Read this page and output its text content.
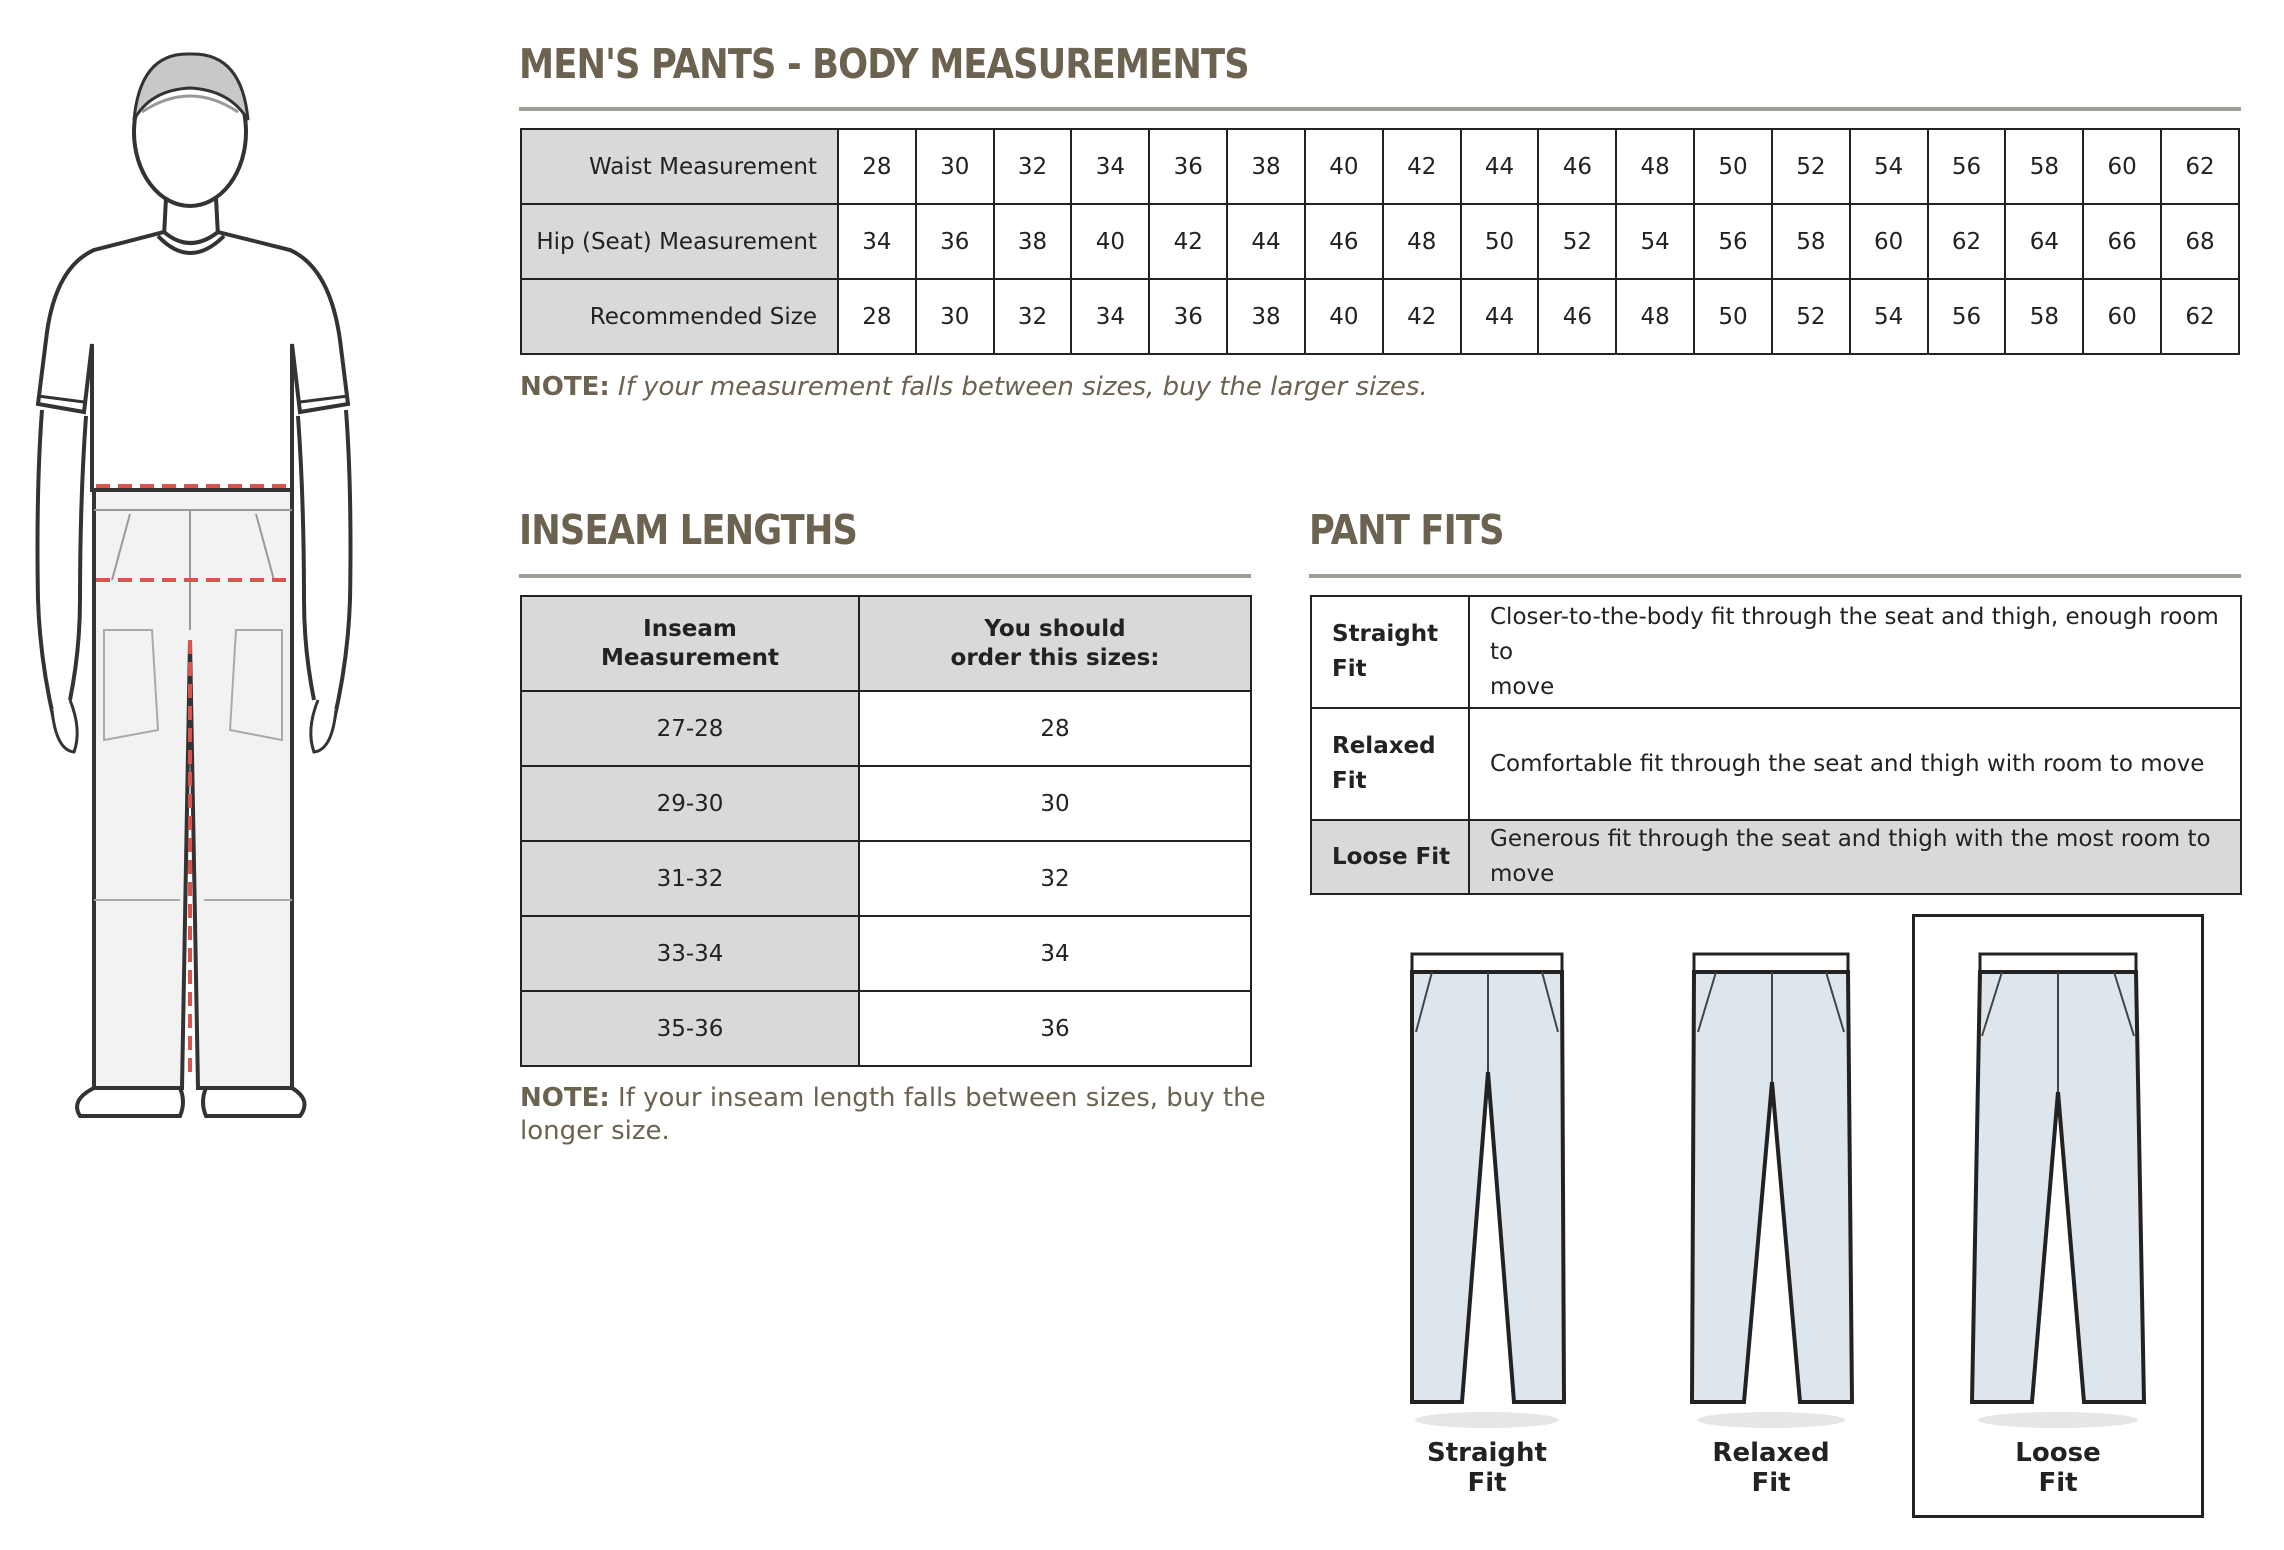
MEN'S PANTS - BODY MEASUREMENTS
Waist Measurement	28	30	32	34	36	38	40	42	44	46	48	50	52	54	56	58	60	62
Hip (Seat) Measurement	34	36	38	40	42	44	46	48	50	52	54	56	58	60	62	64	66	68
Recommended Size	28	30	32	34	36	38	40	42	44	46	48	50	52	54	56	58	60	62
NOTE: If your measurement falls between sizes, buy the larger sizes.
INSEAM LENGTHS
Inseam
Measurement	You should
order this sizes:
27-28	28
29-30	30
31-32	32
33-34	34
35-36	36
NOTE: If your inseam length falls between sizes, buy the
longer size.
PANT FITS
Straight
Fit	Closer-to-the-body fit through the seat and thigh, enough room to
move
Relaxed
Fit	Comfortable fit through the seat and thigh with room to move
Loose Fit	Generous fit through the seat and thigh with the most room to move
Straight
Fit
Relaxed
Fit
Loose
Fit
